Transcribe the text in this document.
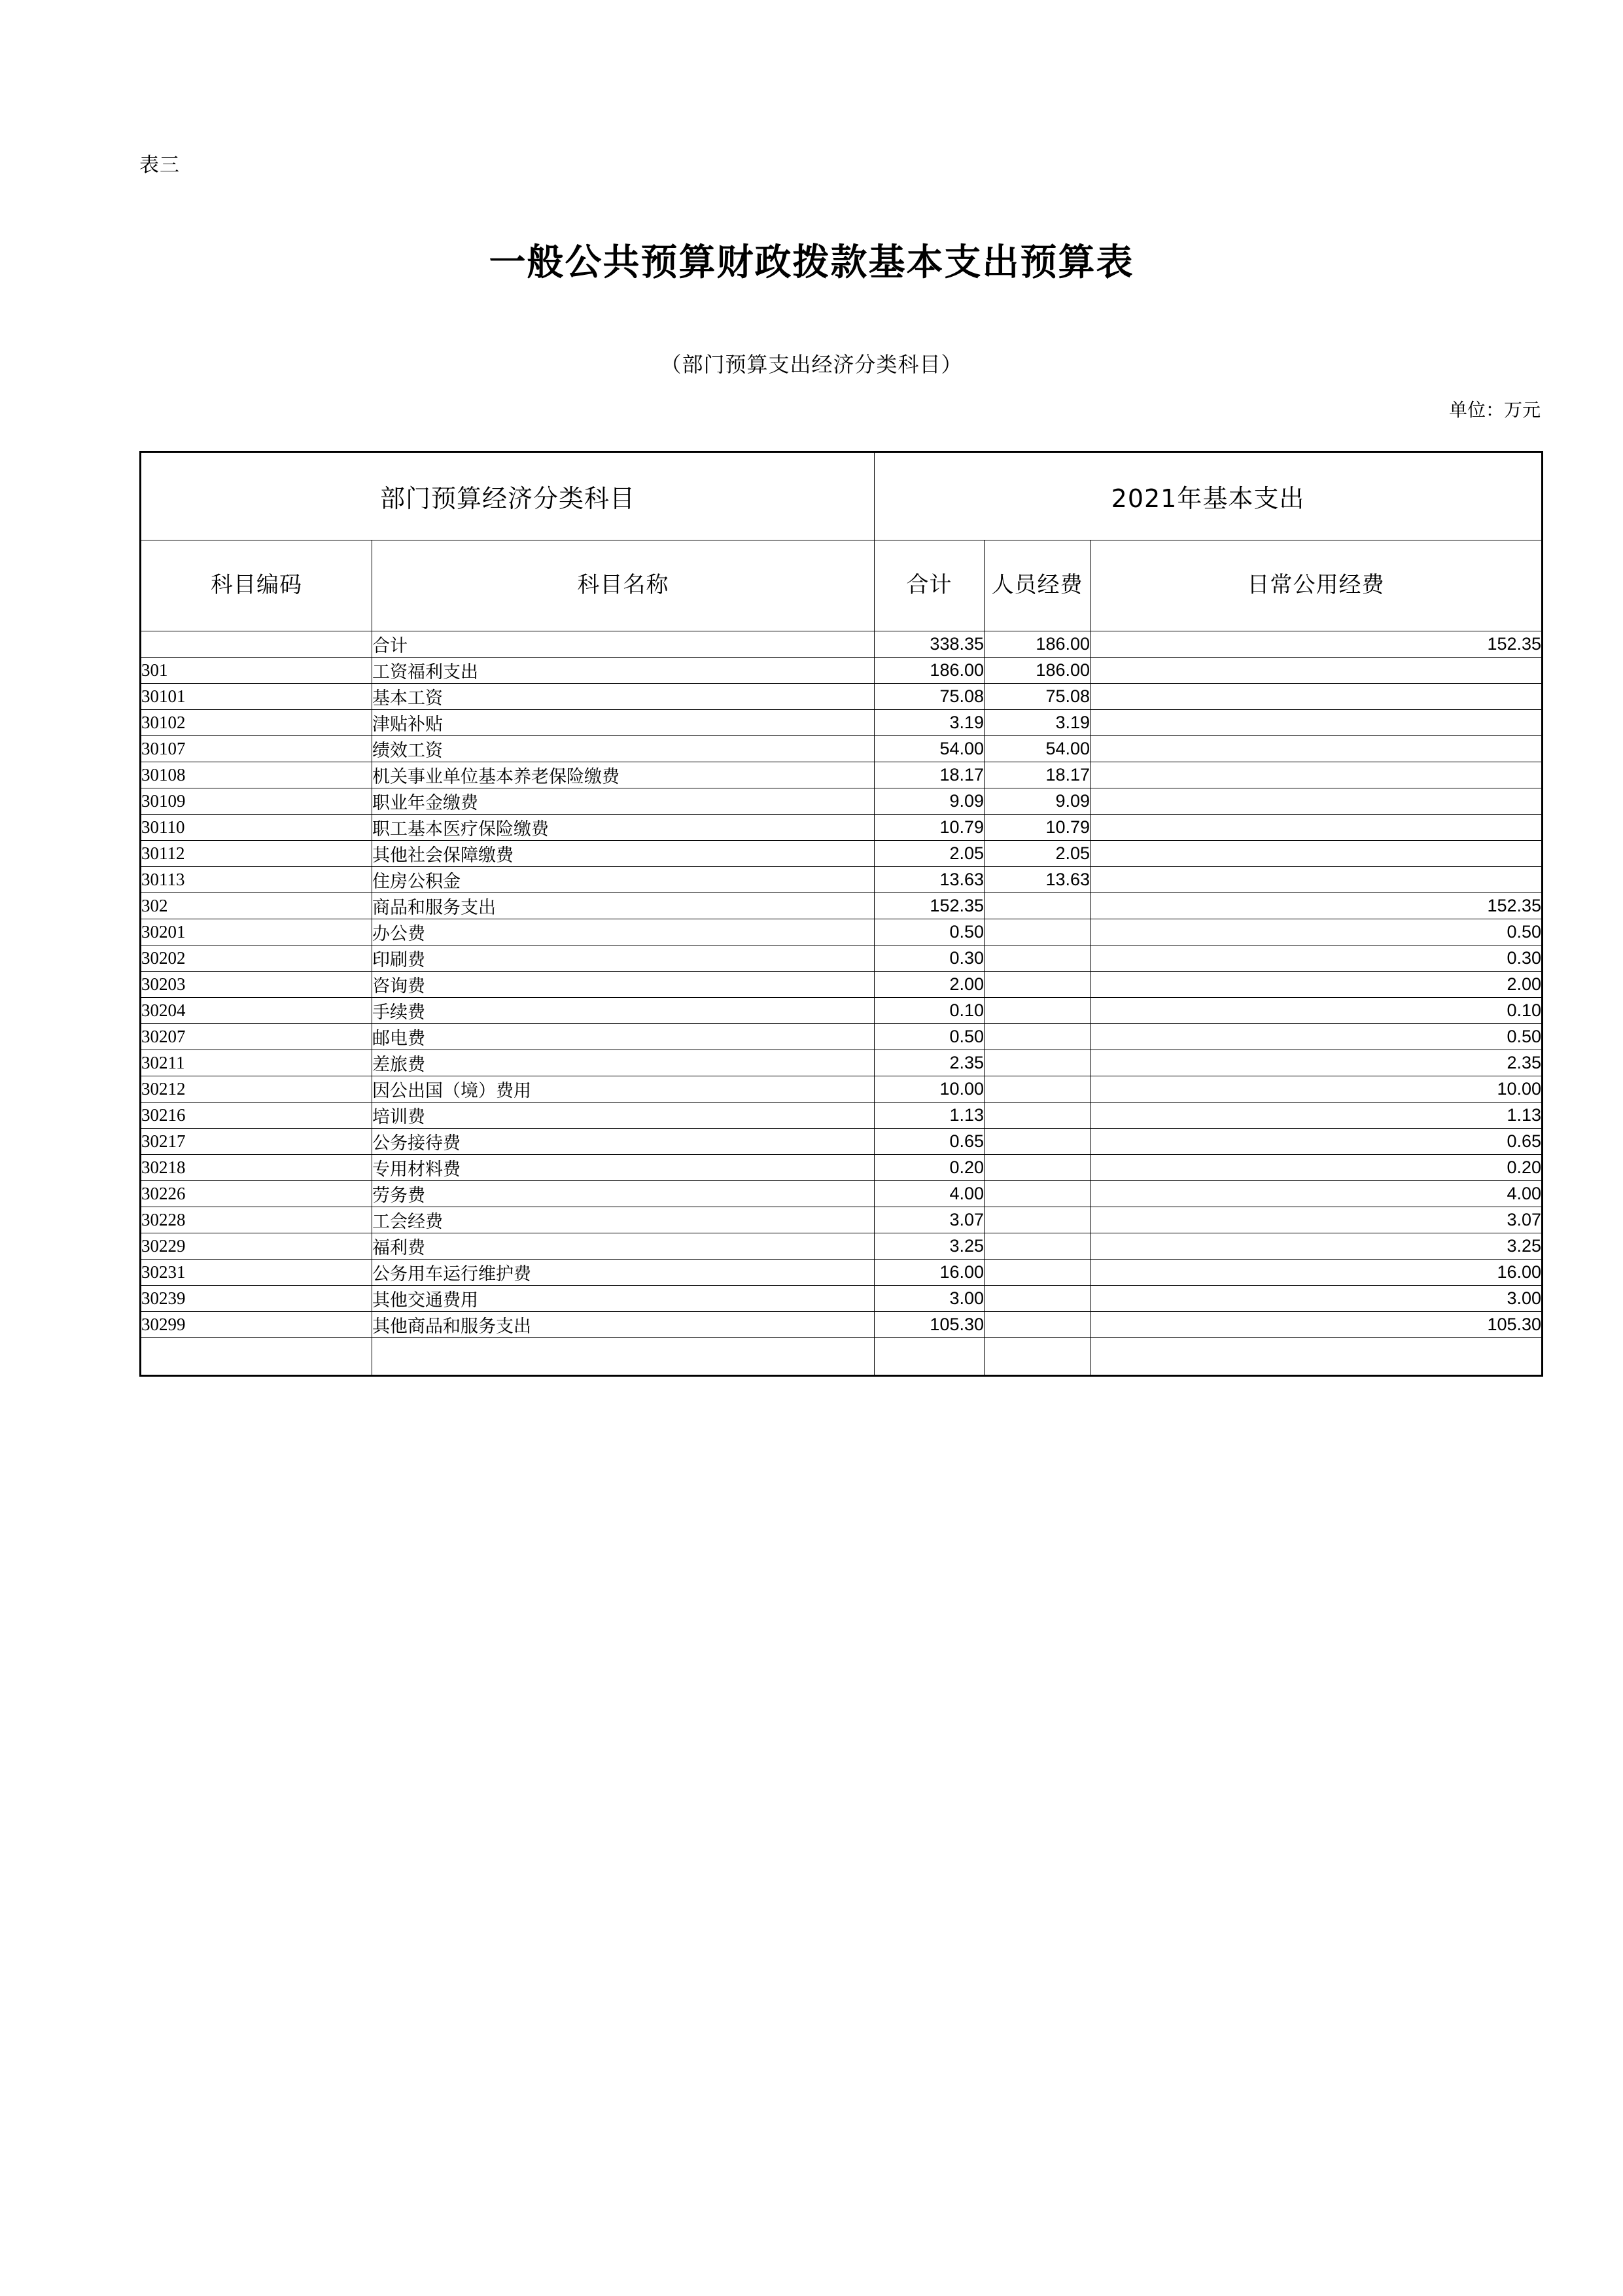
表三
一般公共预算财政拨款基本支出预算表
（部门预算支出经济分类科目）
单位：万元
部门预算经济分类科目		2021年基本支出		
科目编码	科目名称	合计	人员经费	日常公用经费
	合计	338.35	186.00	152.35
301	工资福利支出	186.00	186.00	
30101	基本工资	75.08	75.08	
30102	津贴补贴	3.19	3.19	
30107	绩效工资	54.00	54.00	
30108	机关事业单位基本养老保险缴费	18.17	18.17	
30109	职业年金缴费	9.09	9.09	
30110	职工基本医疗保险缴费	10.79	10.79	
30112	其他社会保障缴费	2.05	2.05	
30113	住房公积金	13.63	13.63	
302	商品和服务支出	152.35		152.35
30201	办公费	0.50		0.50
30202	印刷费	0.30		0.30
30203	咨询费	2.00		2.00
30204	手续费	0.10		0.10
30207	邮电费	0.50		0.50
30211	差旅费	2.35		2.35
30212	因公出国（境）费用	10.00		10.00
30216	培训费	1.13		1.13
30217	公务接待费	0.65		0.65
30218	专用材料费	0.20		0.20
30226	劳务费	4.00		4.00
30228	工会经费	3.07		3.07
30229	福利费	3.25		3.25
30231	公务用车运行维护费	16.00		16.00
30239	其他交通费用	3.00		3.00
30299	其他商品和服务支出	105.30		105.30
